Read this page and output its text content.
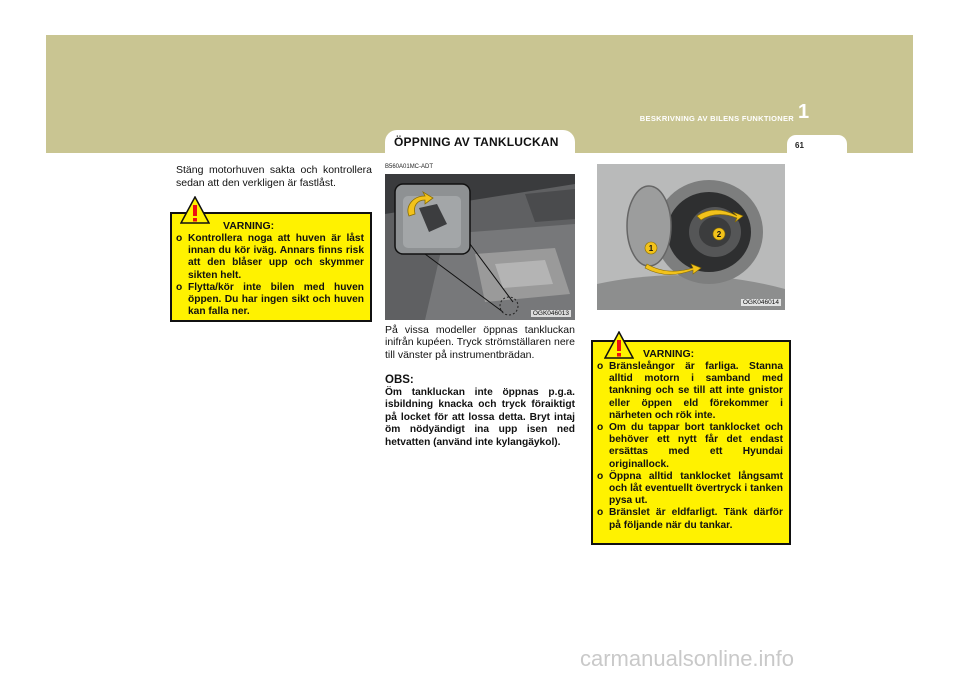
BESKRIVNING AV BILENS FUNKTIONER 1
61
ÖPPNING AV TANKLUCKAN
Stäng motorhuven sakta och kontrollera sedan att den verkligen är fastlåst.
VARNING:
o Kontrollera noga att huven är låst innan du kör iväg. Annars finns risk att den blåser upp och skymmer sikten helt.
o Flytta/kör inte bilen med huven öppen. Du har ingen sikt och huven kan falla ner.
B560A01MC-ADT
OGK046013
På vissa modeller öppnas tankluckan inifrån kupéen. Tryck strömställaren nere till vänster på instrumentbrädan.
OBS:
Öm tankluckan inte öppnas p.g.a. isbildning knacka och tryck föraiktigt på locket för att lossa detta. Bryt intaj öm nödyändigt ina upp isen ned hetvatten (använd inte kylangäykol).
1
2
OGK046014
VARNING:
o Bränsleångor är farliga. Stanna alltid motorn i samband med tankning och se till att inte gnistor eller öppen eld förekommer i närheten och rök inte.
o Om du tappar bort tanklocket och behöver ett nytt får det endast ersättas med ett Hyundai originallock.
o Öppna alltid tanklocket långsamt och låt eventuellt övertryck i tanken pysa ut.
o Bränslet är eldfarligt. Tänk därför på följande när du tankar.
carmanualsonline.info
